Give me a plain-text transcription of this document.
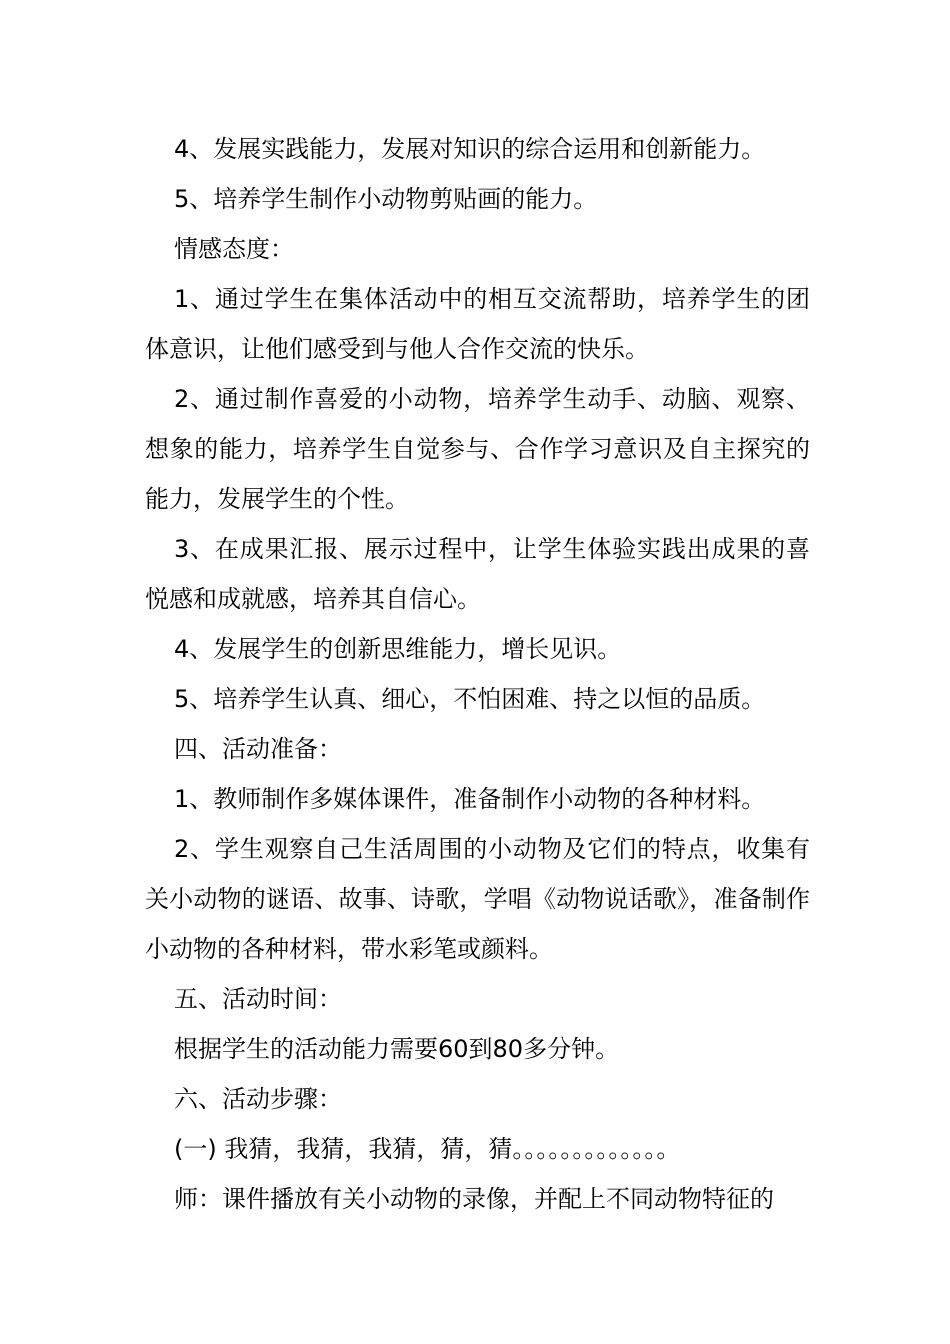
4、发展实践能力，发展对知识的综合运用和创新能力。

5、培养学生制作小动物剪贴画的能力。

情感态度：

1、通过学生在集体活动中的相互交流帮助，培养学生的团体意识，让他们感受到与他人合作交流的快乐。

2、通过制作喜爱的小动物，培养学生动手、动脑、观察、想象的能力，培养学生自觉参与、合作学习意识及自主探究的能力，发展学生的个性。

3、在成果汇报、展示过程中，让学生体验实践出成果的喜悦感和成就感，培养其自信心。

4、发展学生的创新思维能力，增长见识。

5、培养学生认真、细心，不怕困难、持之以恒的品质。

四、活动准备：

1、教师制作多媒体课件，准备制作小动物的各种材料。

2、学生观察自己生活周围的小动物及它们的特点，收集有关小动物的谜语、故事、诗歌，学唱《动物说话歌》，准备制作小动物的各种材料，带水彩笔或颜料。

五、活动时间：

根据学生的活动能力需要60到80多分钟。

六、活动步骤：

(一) 我猜，我猜，我猜，猜，猜。。。。。。。。。。。。。

师：课件播放有关小动物的录像，并配上不同动物特征的
